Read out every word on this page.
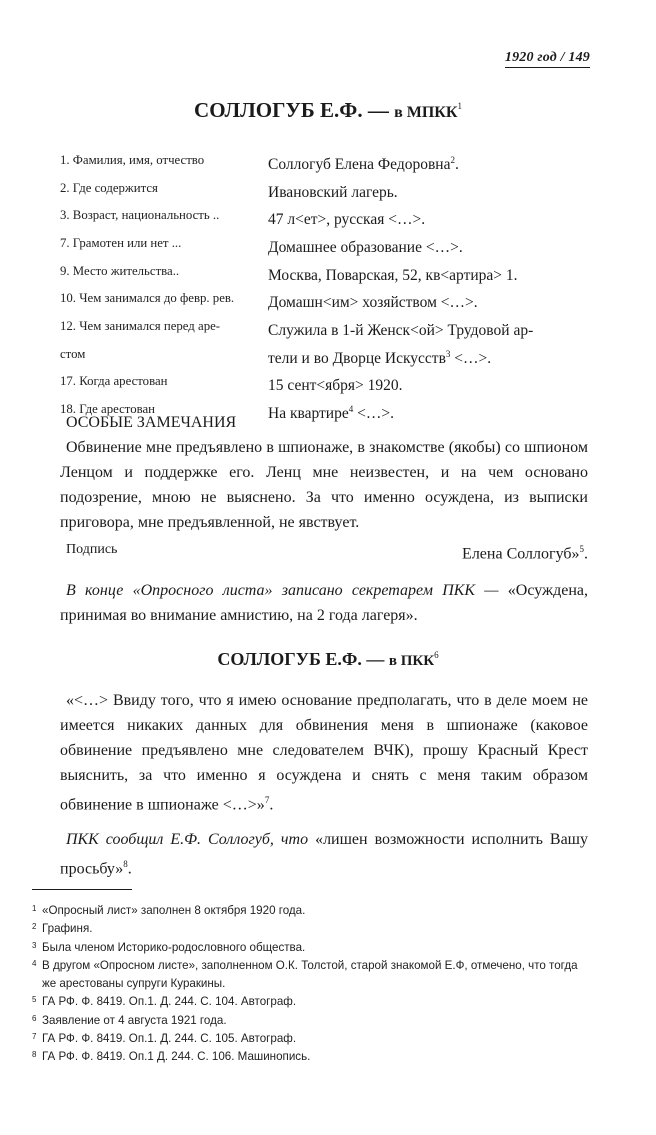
1920 год / 149
СОЛЛОГУБ Е.Ф. — в МПКК$^1$
1. Фамилия, имя, отчество	Соллогуб Елена Федоровна$^2$.
2. Где содержится	Ивановский лагерь.
3. Возраст, национальность ..	47 л<ет>, русская <…>.
7. Грамотен или нет ...	Домашнее образование <…>.
9. Место жительства..	Москва, Поварская, 52, кв<артира> 1.
10. Чем занимался до февр. рев.	Домашн<им> хозяйством <…>.
12. Чем занимался перед аре-	Служила в 1-й Женск<ой> Трудовой ар-
стом	тели и во Дворце Искусств$^3$ <…>.
17. Когда арестован	15 сент<ября> 1920.
18. Где арестован	На квартире$^4$ <…>.

ОСОБЫЕ ЗАМЕЧАНИЯ

Обвинение мне предъявлено в шпионаже, в знакомстве (якобы) со шпионом Ленцом и поддержке его. Ленц мне неизвестен, и на чем основано подозрение, мною не выяснено. За что именно осуждена, из выписки приговора, мне предъявленной, не явствует.

Подпись	Елена Соллогуб»$^5$.

В конце «Опросного листа» записано секретарем ПКК — «Осуждена, принимая во внимание амнистию, на 2 года лагеря».

СОЛЛОГУБ Е.Ф. — в ПКК$^6$

«<…> Ввиду того, что я имею основание предполагать, что в деле моем не имеется никаких данных для обвинения меня в шпионаже (каковое обвинение предъявлено мне следователем ВЧК), прошу Красный Крест выяснить, за что именно я осуждена и снять с меня таким образом обвинение в шпионаже <…>»$^7$.

ПКК сообщил Е.Ф. Соллогуб, что «лишен возможности исполнить Вашу просьбу»$^8$.

1 «Опросный лист» заполнен 8 октября 1920 года.
2 Графиня.
3 Была членом Историко-родословного общества.
4 В другом «Опросном листе», заполненном О.К. Толстой, старой знакомой Е.Ф, отмечено, что тогда же арестованы супруги Куракины.
5 ГА РФ. Ф. 8419. Оп.1. Д. 244. С. 104. Автограф.
6 Заявление от 4 августа 1921 года.
7 ГА РФ. Ф. 8419. Оп.1. Д. 244. С. 105. Автограф.
8 ГА РФ. Ф. 8419. Оп.1 Д. 244. С. 106. Машинопись.
